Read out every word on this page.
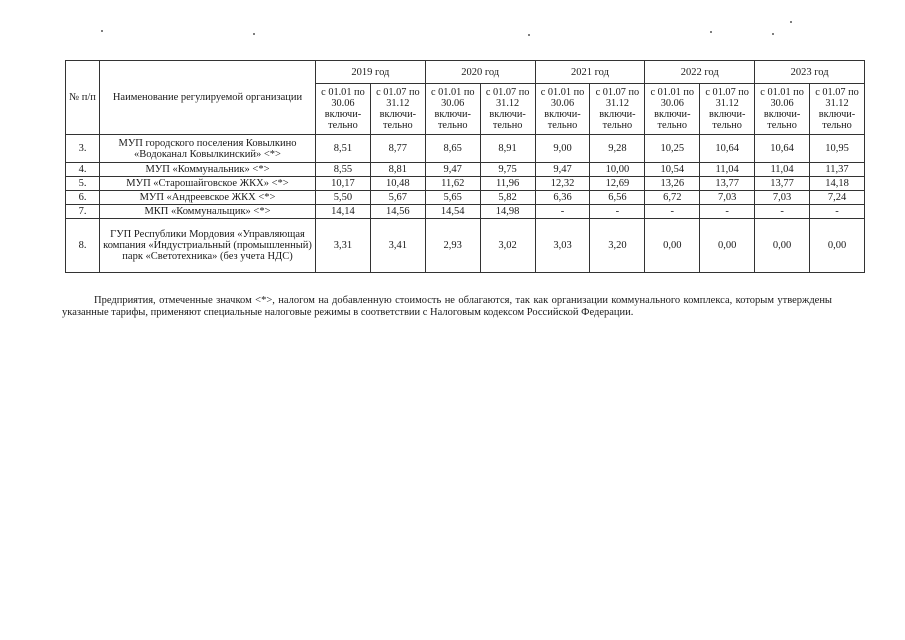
№ п/п	Наименование регулируемой организации	2019 год		2020 год		2021 год		2022 год		2023 год	
		с 01.01 по 30.06 включи-тельно	с 01.07 по 31.12 включи-тельно	с 01.01 по 30.06 включи-тельно	с 01.07 по 31.12 включи-тельно	с 01.01 по 30.06 включи-тельно	с 01.07 по 31.12 включи-тельно	с 01.01 по 30.06 включи-тельно	с 01.07 по 31.12 включи-тельно	с 01.01 по 30.06 включи-тельно	с 01.07 по 31.12 включи-тельно
3.	МУП городского поселения Ковылкино «Водоканал Ковылкинский» <*>	8,51	8,77	8,65	8,91	9,00	9,28	10,25	10,64	10,64	10,95
4.	МУП «Коммунальник» <*>	8,55	8,81	9,47	9,75	9,47	10,00	10,54	11,04	11,04	11,37
5.	МУП «Старошайговское ЖКХ» <*>	10,17	10,48	11,62	11,96	12,32	12,69	13,26	13,77	13,77	14,18
6.	МУП «Андреевское ЖКХ <*>	5,50	5,67	5,65	5,82	6,36	6,56	6,72	7,03	7,03	7,24
7.	МКП «Коммунальщик» <*>	14,14	14,56	14,54	14,98	-	-	-	-	-	-
8.	ГУП Республики Мордовия «Управляющая компания «Индустриальный (промышленный) парк «Светотехника» (без учета НДС)	3,31	3,41	2,93	3,02	3,03	3,20	0,00	0,00	0,00	0,00

Предприятия, отмеченные значком <*>, налогом на добавленную стоимость не облагаются, так как организации коммунального комплекса, которым утверждены указанные тарифы, применяют специальные налоговые режимы в соответствии с Налоговым кодексом Российской Федерации.
